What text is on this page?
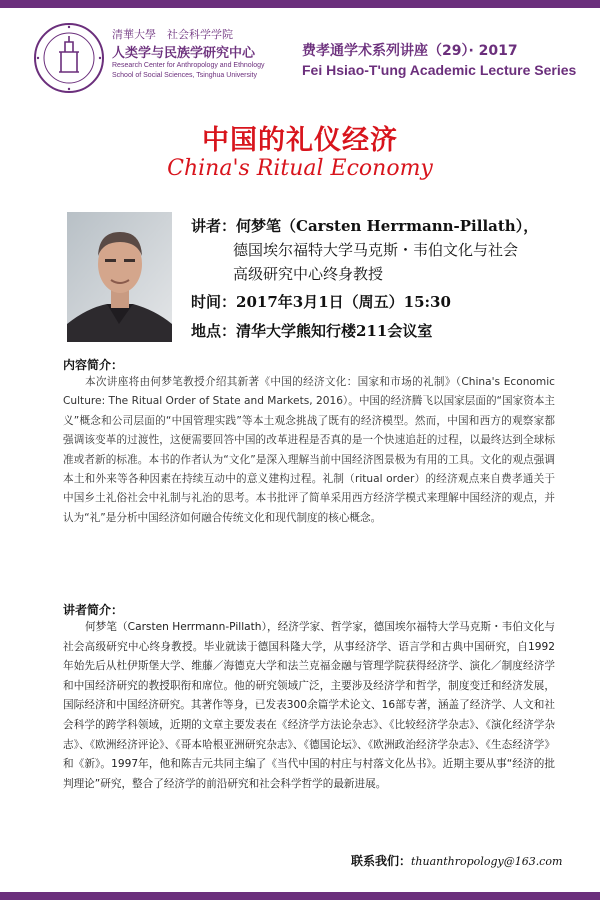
清華大學　社会科学学院
人类学与民族学研究中心
Research Center for Anthropology and Ethnology
School of Social Sciences, Tsinghua University
费孝通学术系列讲座（29）· 2017
Fei Hsiao-T'ung Academic Lecture Series
中国的礼仪经济
China's Ritual Economy
讲者：何梦笔（Carsten Herrmann-Pillath），
德国埃尔福特大学马克斯・韦伯文化与社会
高级研究中心终身教授
时间：2017年3月1日（周五）15:30
地点：清华大学熊知行楼211会议室
内容简介：

本次讲座将由何梦笔教授介绍其新著《中国的经济文化：国家和市场的礼制》（China's Economic Culture: The Ritual Order of State and Markets, 2016）。中国的经济腾飞以国家层面的“国家资本主义”概念和公司层面的“中国管理实践”等本土观念挑战了既有的经济模型。然而，中国和西方的观察家都强调该变革的过渡性，这便需要回答中国的改革进程是否真的是一个快速追赶的过程，以最终达到全球标准或者新的标准。本书的作者认为“文化”是深入理解当前中国经济图景极为有用的工具。文化的观点强调本土和外来等各种因素在持续互动中的意义建构过程。礼制（ritual order）的经济观点来自费孝通关于中国乡土礼俗社会中礼制与礼治的思考。本书批评了简单采用西方经济学模式来理解中国经济的观点，并认为“礼”是分析中国经济如何融合传统文化和现代制度的核心概念。

讲者简介：

何梦笔（Carsten Herrmann-Pillath），经济学家、哲学家，德国埃尔福特大学马克斯・韦伯文化与社会高级研究中心终身教授。毕业就读于德国科隆大学，从事经济学、语言学和古典中国研究，自1992年始先后从杜伊斯堡大学、维藤／海德克大学和法兰克福金融与管理学院获得经济学、演化／制度经济学和中国经济研究的教授职衔和席位。他的研究领域广泛，主要涉及经济学和哲学，制度变迁和经济发展，国际经济和中国经济研究。其著作等身，已发表300余篇学术论文、16部专著，涵盖了经济学、人文和社会科学的跨学科领域，近期的文章主要发表在《经济学方法论杂志》、《比较经济学杂志》、《演化经济学杂志》、《欧洲经济评论》、《哥本哈根亚洲研究杂志》、《德国论坛》、《欧洲政治经济学杂志》、《生态经济学》和《新》。1997年，他和陈吉元共同主编了《当代中国的村庄与村落文化丛书》。近期主要从事“经济的批判理论”研究，整合了经济学的前沿研究和社会科学哲学的最新进展。

联系我们：thuanthropology@163.com
